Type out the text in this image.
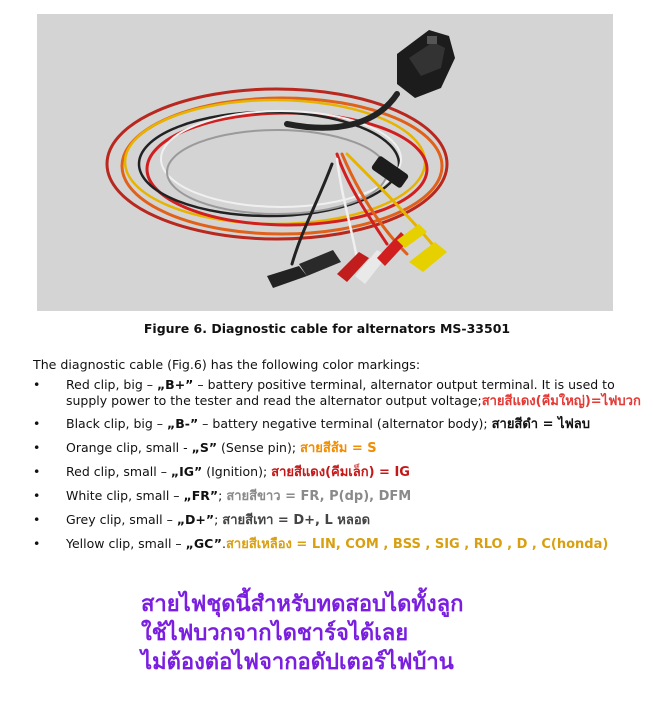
Figure 6. Diagnostic cable for alternators MS-33501
The diagnostic cable (Fig.6) has the following color markings:
• Red clip, big – „B+” – battery positive terminal, alternator output terminal. It is used to
supply power to the tester and read the alternator output voltage;สายสีแดง(คีมใหญ่)=ไฟบวก
• Black clip, big – „B-” – battery negative terminal (alternator body); สายสีดำ = ไฟลบ
• Orange clip, small - „S” (Sense pin); สายสีส้ม = S
• Red clip, small – „IG” (Ignition); สายสีแดง(คีมเล็ก) = IG
• White clip, small – „FR”; สายสีขาว = FR, P(dp), DFM
• Grey clip, small – „D+”; สายสีเทา = D+, L หลอด
• Yellow clip, small – „GC”.สายสีเหลือง = LIN, COM , BSS , SIG , RLO , D , C(honda)
สายไฟชุดนี้สำหรับทดสอบไดทั้งลูก
ใช้ไฟบวกจากไดชาร์จได้เลย
ไม่ต้องต่อไฟจากอดัปเตอร์ไฟบ้าน
